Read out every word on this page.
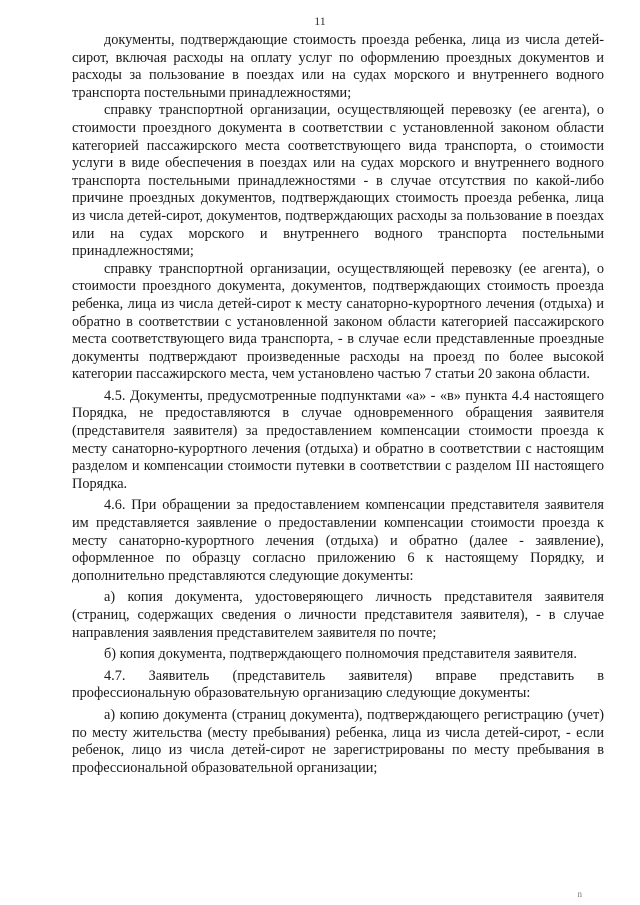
11

документы, подтверждающие стоимость проезда ребенка, лица из числа детей-сирот, включая расходы на оплату услуг по оформлению проездных документов и расходы за пользование в поездах или на судах морского и внутреннего водного транспорта постельными принадлежностями;

справку транспортной организации, осуществляющей перевозку (ее агента), о стоимости проездного документа в соответствии с установленной законом области категорией пассажирского места соответствующего вида транспорта, о стоимости услуги в виде обеспечения в поездах или на судах морского и внутреннего водного транспорта постельными принадлежностями - в случае отсутствия по какой-либо причине проездных документов, подтверждающих стоимость проезда ребенка, лица из числа детей-сирот, документов, подтверждающих расходы за пользование в поездах или на судах морского и внутреннего водного транспорта постельными принадлежностями;

справку транспортной организации, осуществляющей перевозку (ее агента), о стоимости проездного документа, документов, подтверждающих стоимость проезда ребенка, лица из числа детей-сирот к месту санаторно-курортного лечения (отдыха) и обратно в соответствии с установленной законом области категорией пассажирского места соответствующего вида транспорта, - в случае если представленные проездные документы подтверждают произведенные расходы на проезд по более высокой категории пассажирского места, чем установлено частью 7 статьи 20 закона области.

4.5. Документы, предусмотренные подпунктами «а» - «в» пункта 4.4 настоящего Порядка, не предоставляются в случае одновременного обращения заявителя (представителя заявителя) за предоставлением компенсации стоимости проезда к месту санаторно-курортного лечения (отдыха) и обратно в соответствии с настоящим разделом и компенсации стоимости путевки в соответствии с разделом III настоящего Порядка.

4.6. При обращении за предоставлением компенсации представителя заявителя им представляется заявление о предоставлении компенсации стоимости проезда к месту санаторно-курортного лечения (отдыха) и обратно (далее - заявление), оформленное по образцу согласно приложению 6 к настоящему Порядку, и дополнительно представляются следующие документы:

а) копия документа, удостоверяющего личность представителя заявителя (страниц, содержащих сведения о личности представителя заявителя), - в случае направления заявления представителем заявителя по почте;

б) копия документа, подтверждающего полномочия представителя заявителя.

4.7. Заявитель (представитель заявителя) вправе представить в профессиональную образовательную организацию следующие документы:

а) копию документа (страниц документа), подтверждающего регистрацию (учет) по месту жительства (месту пребывания) ребенка, лица из числа детей-сирот, - если ребенок, лицо из числа детей-сирот не зарегистрированы по месту пребывания в профессиональной образовательной организации;

n
